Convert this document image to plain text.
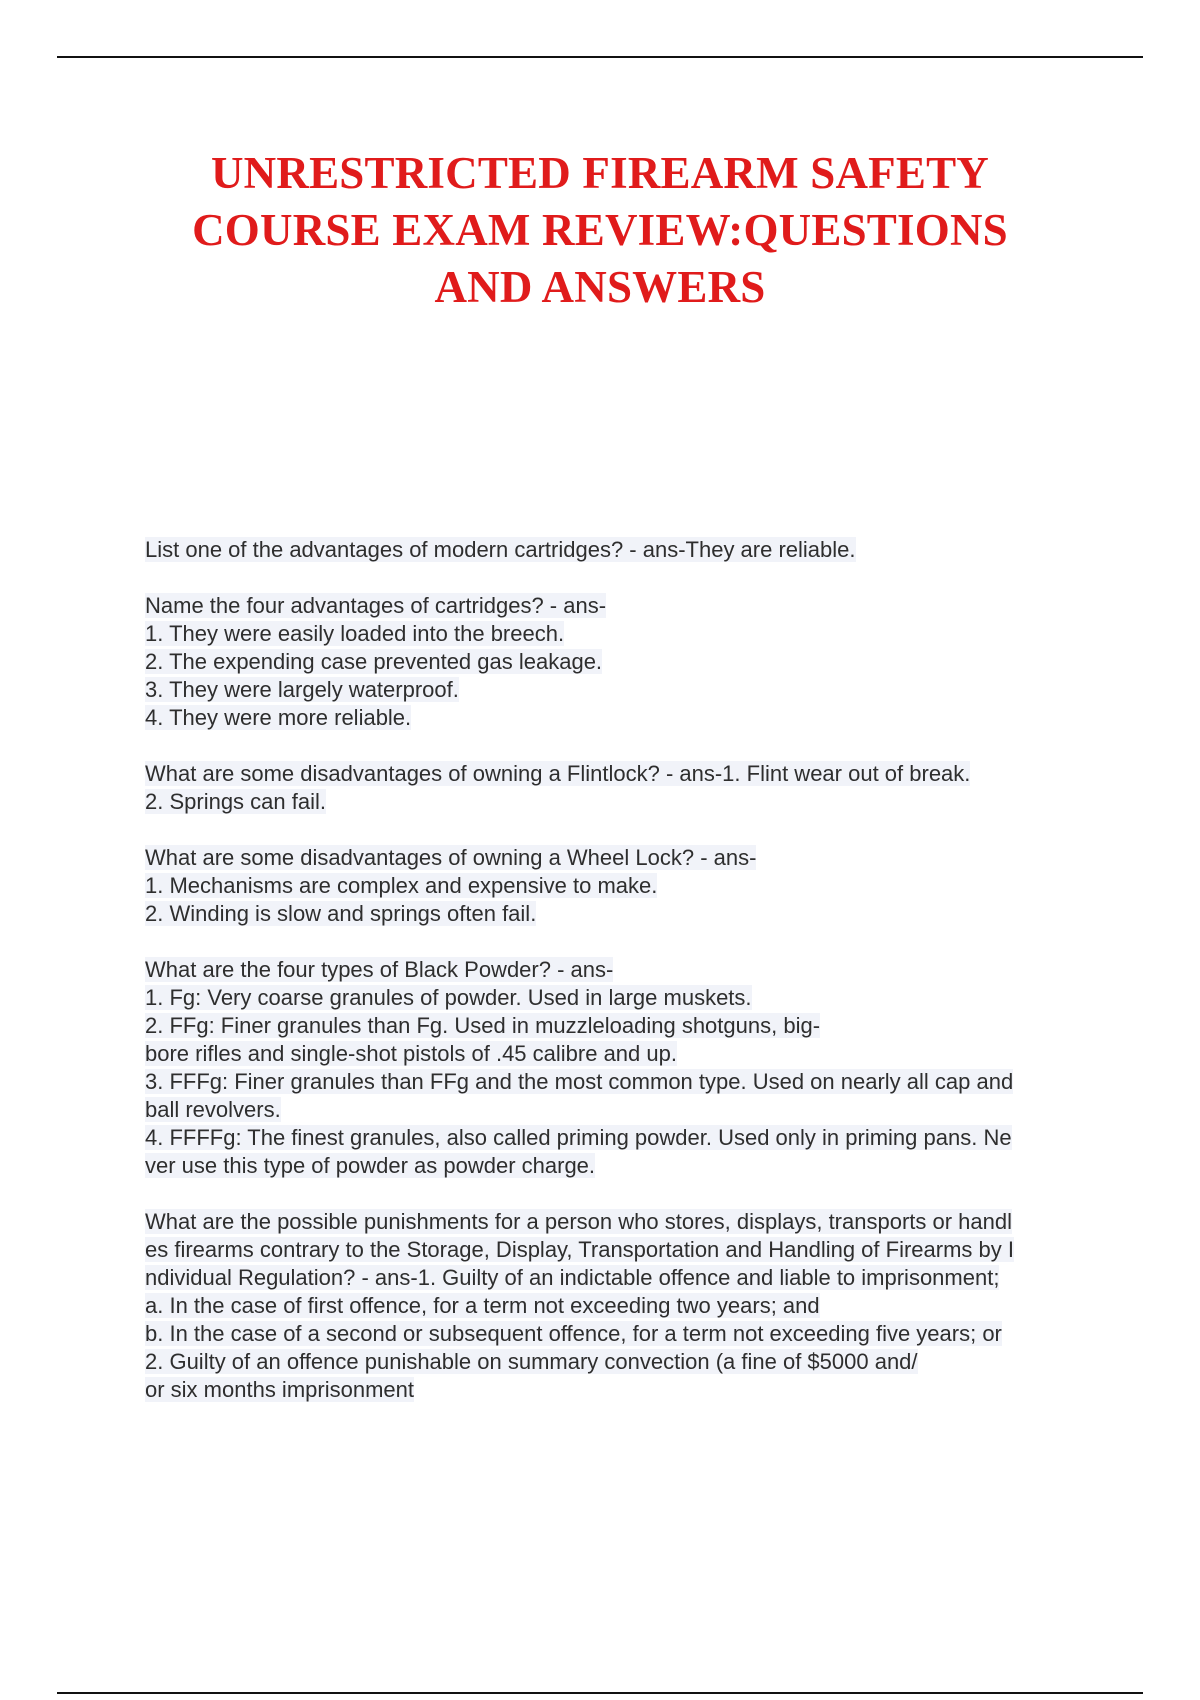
UNRESTRICTED FIREARM SAFETY
COURSE EXAM REVIEW:QUESTIONS
AND ANSWERS

List one of the advantages of modern cartridges? - ans-They are reliable.

Name the four advantages of cartridges? - ans-
1. They were easily loaded into the breech.
2. The expending case prevented gas leakage.
3. They were largely waterproof.
4. They were more reliable.

What are some disadvantages of owning a Flintlock? - ans-1. Flint wear out of break.
2. Springs can fail.

What are some disadvantages of owning a Wheel Lock? - ans-
1. Mechanisms are complex and expensive to make.
2. Winding is slow and springs often fail.

What are the four types of Black Powder? - ans-
1. Fg: Very coarse granules of powder. Used in large muskets.
2. FFg: Finer granules than Fg. Used in muzzleloading shotguns, big-
bore rifles and single-shot pistols of .45 calibre and up.
3. FFFg: Finer granules than FFg and the most common type. Used on nearly all cap and
ball revolvers.
4. FFFFg: The finest granules, also called priming powder. Used only in priming pans. Ne
ver use this type of powder as powder charge.

What are the possible punishments for a person who stores, displays, transports or handl
es firearms contrary to the Storage, Display, Transportation and Handling of Firearms by I
ndividual Regulation? - ans-1. Guilty of an indictable offence and liable to imprisonment;
a. In the case of first offence, for a term not exceeding two years; and
b. In the case of a second or subsequent offence, for a term not exceeding five years; or
2. Guilty of an offence punishable on summary convection (a fine of $5000 and/
or six months imprisonment
